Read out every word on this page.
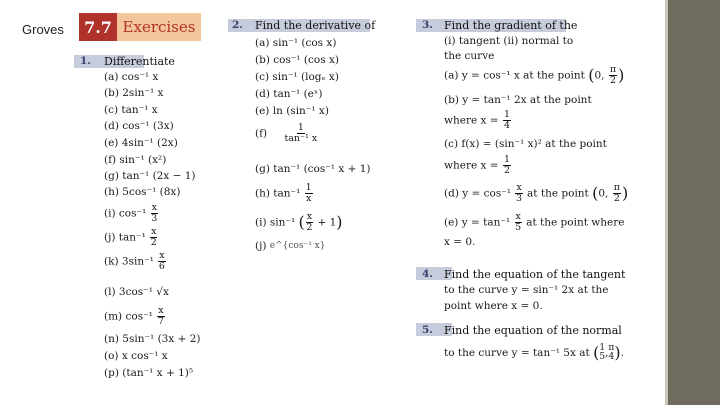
Groves	7.7 Exercises
1. Differentiate
(a) cos⁻¹ x
(b) 2sin⁻¹ x
(c) tan⁻¹ x
(d) cos⁻¹ (3x)
(e) 4sin⁻¹ (2x)
(f) sin⁻¹ (x²)
(g) tan⁻¹ (2x − 1)
(h) 5cos⁻¹ (8x)
(i) $\cos^{-1} \frac{x}{3}$
(j) $\tan^{-1} \frac{x}{2}$
(k) $3\sin^{-1} \frac{x}{6}$
(l) 3cos⁻¹ √x
(m) $\cos^{-1} \frac{x}{7}$
(n) 5sin⁻¹ (3x + 2)
(o) x cos⁻¹ x
(p) (tan⁻¹ x + 1)⁵
2. Find the derivative of
(a) sin⁻¹ (cos x)
(b) cos⁻¹ (cos x)
(c) sin⁻¹ (logₑ x)
(d) tan⁻¹ (eˣ)
(e) ln (sin⁻¹ x)
$(f) \frac{1}{\text{tan⁻¹ x}}$
(g) tan⁻¹ (cos⁻¹ x + 1)
(h) $\tan^{-1} \frac{1}{x}$
(i) sin⁻¹ ( $\frac{x}{2} + 1$)
(j) e^{cos⁻¹ x}
3. Find the gradient of the
(i) tangent (ii) normal to
the curve
(a) y = cos⁻¹ x at the point (0, $\frac{\pi}{2}$ )
(b) y = tan⁻¹ 2x at the point
where $x = \frac{1}{4}$
(c) f(x) = (sin⁻¹ x)² at the point
where $x = \frac{1}{2}$
(d) $y = \cos^{-1} \frac{x}{3}$ at the point (0, $\frac{\pi}{2}$ )
(e) $y = \tan^{-1} \frac{x}{5}$ at the point where
x = 0.
4. Find the equation of the tangent
to the curve y = sin⁻¹ 2x at the
point where x = 0.
5. Find the equation of the normal
to the curve y = tan⁻¹ 5x at ( 1
5 , π
4 ).
